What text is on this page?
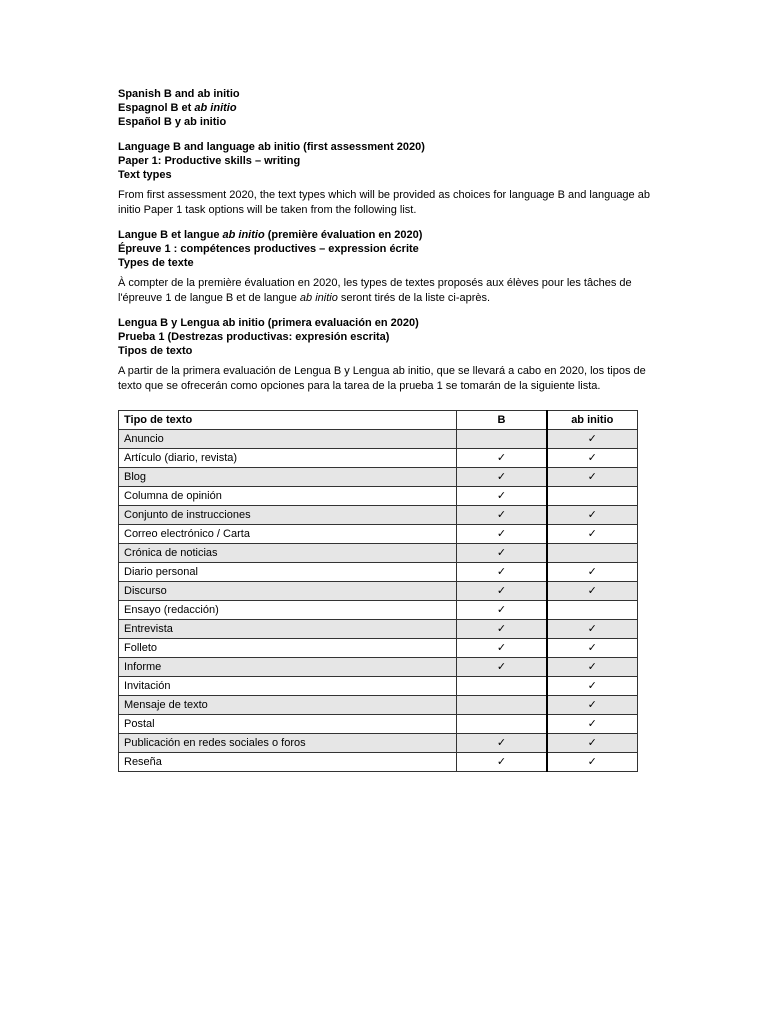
Spanish B and ab initio

Espagnol B et ab initio

Español B y ab initio

Language B and language ab initio (first assessment 2020)

Paper 1: Productive skills – writing

Text types

From first assessment 2020, the text types which will be provided as choices for language B and language ab initio Paper 1 task options will be taken from the following list.

Langue B et langue ab initio (première évaluation en 2020)

Épreuve 1 : compétences productives – expression écrite

Types de texte

À compter de la première évaluation en 2020, les types de textes proposés aux élèves pour les tâches de l'épreuve 1 de langue B et de langue ab initio seront tirés de la liste ci-après.

Lengua B y Lengua ab initio (primera evaluación en 2020)

Prueba 1 (Destrezas productivas: expresión escrita)

Tipos de texto

A partir de la primera evaluación de Lengua B y Lengua ab initio, que se llevará a cabo en 2020, los tipos de texto que se ofrecerán como opciones para la tarea de la prueba 1 se tomarán de la siguiente lista.

Tipo de texto	B	ab initio
Anuncio		✓
Artículo (diario, revista)	✓	✓
Blog	✓	✓
Columna de opinión	✓	
Conjunto de instrucciones	✓	✓
Correo electrónico / Carta	✓	✓
Crónica de noticias	✓	
Diario personal	✓	✓
Discurso	✓	✓
Ensayo (redacción)	✓	
Entrevista	✓	✓
Folleto	✓	✓
Informe	✓	✓
Invitación		✓
Mensaje de texto		✓
Postal		✓
Publicación en redes sociales o foros	✓	✓
Reseña	✓	✓
